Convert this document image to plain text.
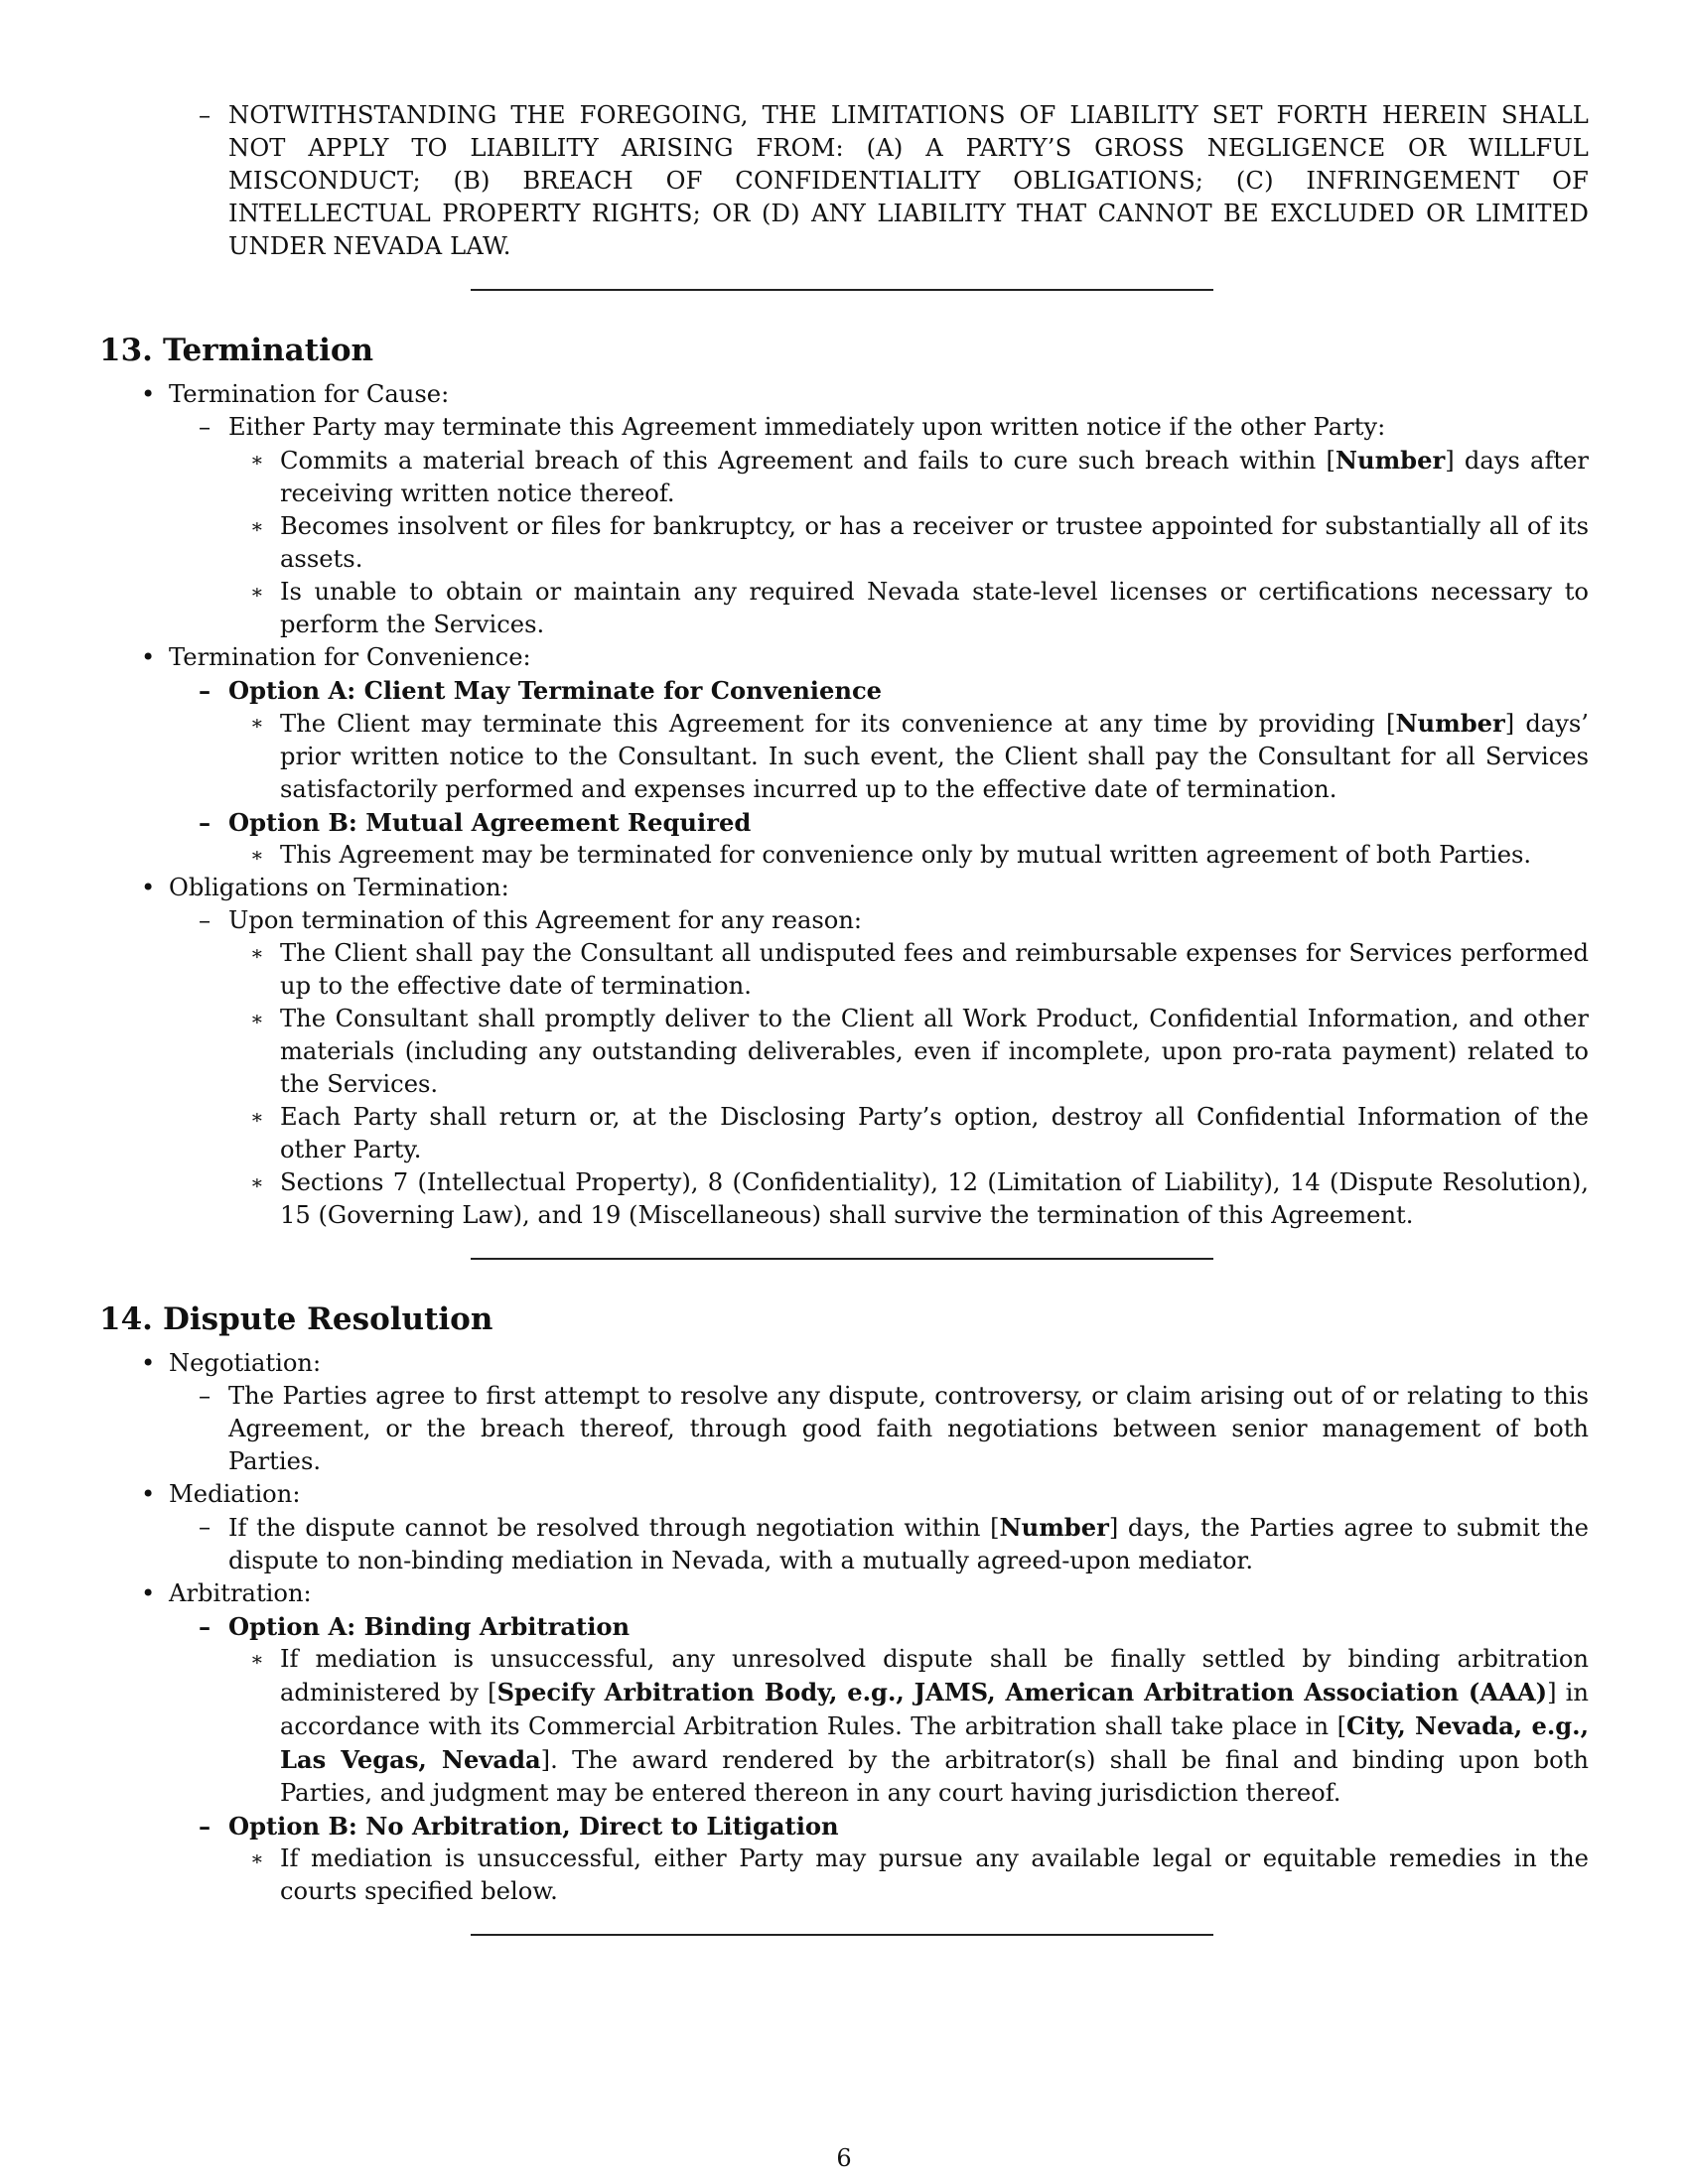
– NOTWITHSTANDING THE FOREGOING, THE LIMITATIONS OF LIABILITY SET FORTH HEREIN SHALL NOT APPLY TO LIABILITY ARISING FROM: (A) A PARTY’S GROSS NEGLIGENCE OR WILLFUL MISCONDUCT; (B) BREACH OF CONFIDENTIALITY OBLIGATIONS; (C) INFRINGEMENT OF INTELLECTUAL PROPERTY RIGHTS; OR (D) ANY LIABILITY THAT CANNOT BE EXCLUDED OR LIMITED UNDER NEVADA LAW.

13. Termination

• Termination for Cause:

– Either Party may terminate this Agreement immediately upon written notice if the other Party:

∗ Commits a material breach of this Agreement and fails to cure such breach within [Number] days after receiving written notice thereof.

∗ Becomes insolvent or files for bankruptcy, or has a receiver or trustee appointed for substantially all of its assets.

∗ Is unable to obtain or maintain any required Nevada state-level licenses or certifications necessary to perform the Services.

• Termination for Convenience:

– Option A: Client May Terminate for Convenience

∗ The Client may terminate this Agreement for its convenience at any time by providing [Number] days’ prior written notice to the Consultant. In such event, the Client shall pay the Consultant for all Services satisfactorily performed and expenses incurred up to the effective date of termination.

– Option B: Mutual Agreement Required

∗ This Agreement may be terminated for convenience only by mutual written agreement of both Parties.

• Obligations on Termination:

– Upon termination of this Agreement for any reason:

∗ The Client shall pay the Consultant all undisputed fees and reimbursable expenses for Services performed up to the effective date of termination.

∗ The Consultant shall promptly deliver to the Client all Work Product, Confidential Information, and other materials (including any outstanding deliverables, even if incomplete, upon pro-rata payment) related to the Services.

∗ Each Party shall return or, at the Disclosing Party’s option, destroy all Confidential Information of the other Party.

∗ Sections 7 (Intellectual Property), 8 (Confidentiality), 12 (Limitation of Liability), 14 (Dispute Resolution), 15 (Governing Law), and 19 (Miscellaneous) shall survive the termination of this Agreement.

14. Dispute Resolution

• Negotiation:

– The Parties agree to first attempt to resolve any dispute, controversy, or claim arising out of or relating to this Agreement, or the breach thereof, through good faith negotiations between senior management of both Parties.

• Mediation:

– If the dispute cannot be resolved through negotiation within [Number] days, the Parties agree to submit the dispute to non-binding mediation in Nevada, with a mutually agreed-upon mediator.

• Arbitration:

– Option A: Binding Arbitration

∗ If mediation is unsuccessful, any unresolved dispute shall be finally settled by binding arbitration administered by [Specify Arbitration Body, e.g., JAMS, American Arbitration Association (AAA)] in accordance with its Commercial Arbitration Rules. The arbitration shall take place in [City, Nevada, e.g., Las Vegas, Nevada]. The award rendered by the arbitrator(s) shall be final and binding upon both Parties, and judgment may be entered thereon in any court having jurisdiction thereof.

– Option B: No Arbitration, Direct to Litigation

∗ If mediation is unsuccessful, either Party may pursue any available legal or equitable remedies in the courts specified below.

6
